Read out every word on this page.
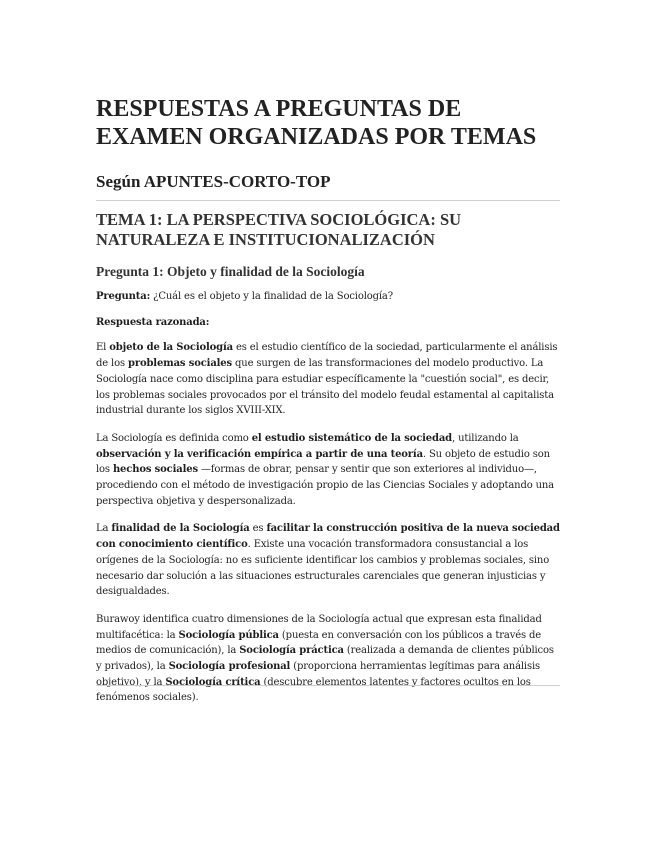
RESPUESTAS A PREGUNTAS DE EXAMEN ORGANIZADAS POR TEMAS
Según APUNTES-CORTO-TOP
TEMA 1: LA PERSPECTIVA SOCIOLÓGICA: SU NATURALEZA E INSTITUCIONALIZACIÓN
Pregunta 1: Objeto y finalidad de la Sociología

Pregunta: ¿Cuál es el objeto y la finalidad de la Sociología?

Respuesta razonada:

El objeto de la Sociología es el estudio científico de la sociedad, particularmente el análisis de los problemas sociales que surgen de las transformaciones del modelo productivo. La Sociología nace como disciplina para estudiar específicamente la "cuestión social", es decir, los problemas sociales provocados por el tránsito del modelo feudal estamental al capitalista industrial durante los siglos XVIII-XIX.

La Sociología es definida como el estudio sistemático de la sociedad, utilizando la observación y la verificación empírica a partir de una teoría. Su objeto de estudio son los hechos sociales —formas de obrar, pensar y sentir que son exteriores al individuo—, procediendo con el método de investigación propio de las Ciencias Sociales y adoptando una perspectiva objetiva y despersonalizada.

La finalidad de la Sociología es facilitar la construcción positiva de la nueva sociedad con conocimiento científico. Existe una vocación transformadora consustancial a los orígenes de la Sociología: no es suficiente identificar los cambios y problemas sociales, sino necesario dar solución a las situaciones estructurales carenciales que generan injusticias y desigualdades.

Burawoy identifica cuatro dimensiones de la Sociología actual que expresan esta finalidad multifacética: la Sociología pública (puesta en conversación con los públicos a través de medios de comunicación), la Sociología práctica (realizada a demanda de clientes públicos y privados), la Sociología profesional (proporciona herramientas legítimas para análisis objetivo), y la Sociología crítica (descubre elementos latentes y factores ocultos en los fenómenos sociales).
